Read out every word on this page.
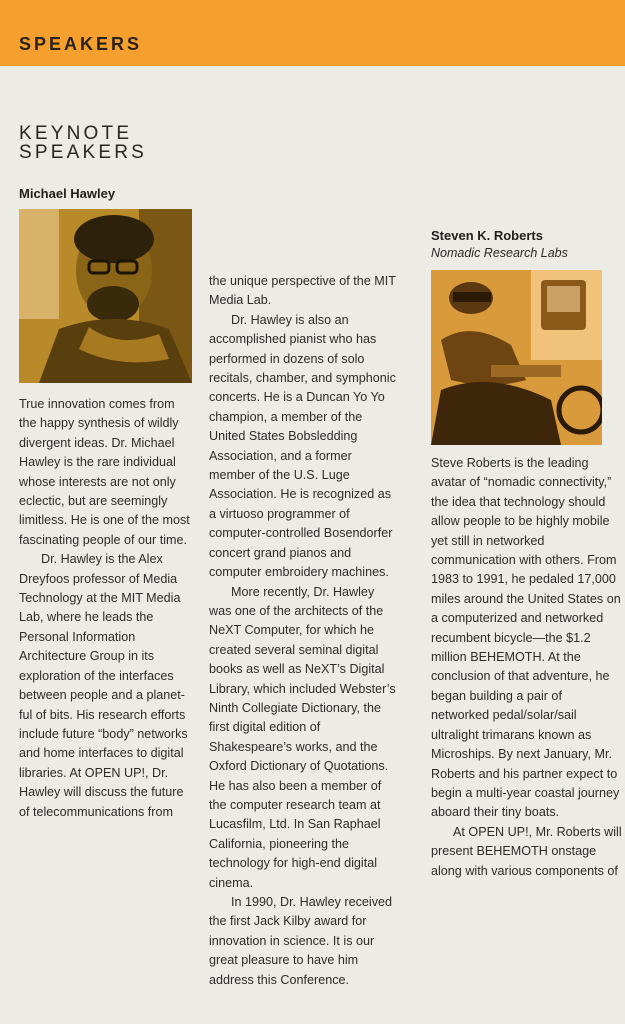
SPEAKERS
KEYNOTE
SPEAKERS
Michael Hawley

True innovation comes from the happy synthesis of wildly divergent ideas. Dr. Michael Hawley is the rare individual whose interests are not only eclectic, but are seemingly limitless. He is one of the most fascinating people of our time.

Dr. Hawley is the Alex Dreyfoos professor of Media Technology at the MIT Media Lab, where he leads the Personal Information Architecture Group in its exploration of the interfaces between people and a planet-ful of bits. His research efforts include future “body” networks and home interfaces to digital libraries. At OPEN UP!, Dr. Hawley will discuss the future of telecommunications from

the unique perspective of the MIT Media Lab.

Dr. Hawley is also an accomplished pianist who has performed in dozens of solo recitals, chamber, and symphonic concerts. He is a Duncan Yo Yo champion, a member of the United States Bobsledding Association, and a former member of the U.S. Luge Association. He is recognized as a virtuoso programmer of computer-controlled Bosendorfer concert grand pianos and computer embroidery machines.

More recently, Dr. Hawley was one of the architects of the NeXT Computer, for which he created several seminal digital books as well as NeXT’s Digital Library, which included Webster’s Ninth Collegiate Dictionary, the first digital edition of Shakespeare’s works, and the Oxford Dictionary of Quotations. He has also been a member of the computer research team at Lucasfilm, Ltd. In San Raphael California, pioneering the technology for high-end digital cinema.

In 1990, Dr. Hawley received the first Jack Kilby award for innovation in science. It is our great pleasure to have him address this Conference.

Steven K. Roberts
Nomadic Research Labs

Steve Roberts is the leading avatar of “nomadic connectivity,” the idea that technology should allow people to be highly mobile yet still in networked communication with others. From 1983 to 1991, he pedaled 17,000 miles around the United States on a computerized and networked recumbent bicycle—the $1.2 million BEHEMOTH. At the conclusion of that adventure, he began building a pair of networked pedal/solar/sail ultralight trimarans known as Microships. By next January, Mr. Roberts and his partner expect to begin a multi-year coastal journey aboard their tiny boats.

At OPEN UP!, Mr. Roberts will present BEHEMOTH onstage along with various components of
